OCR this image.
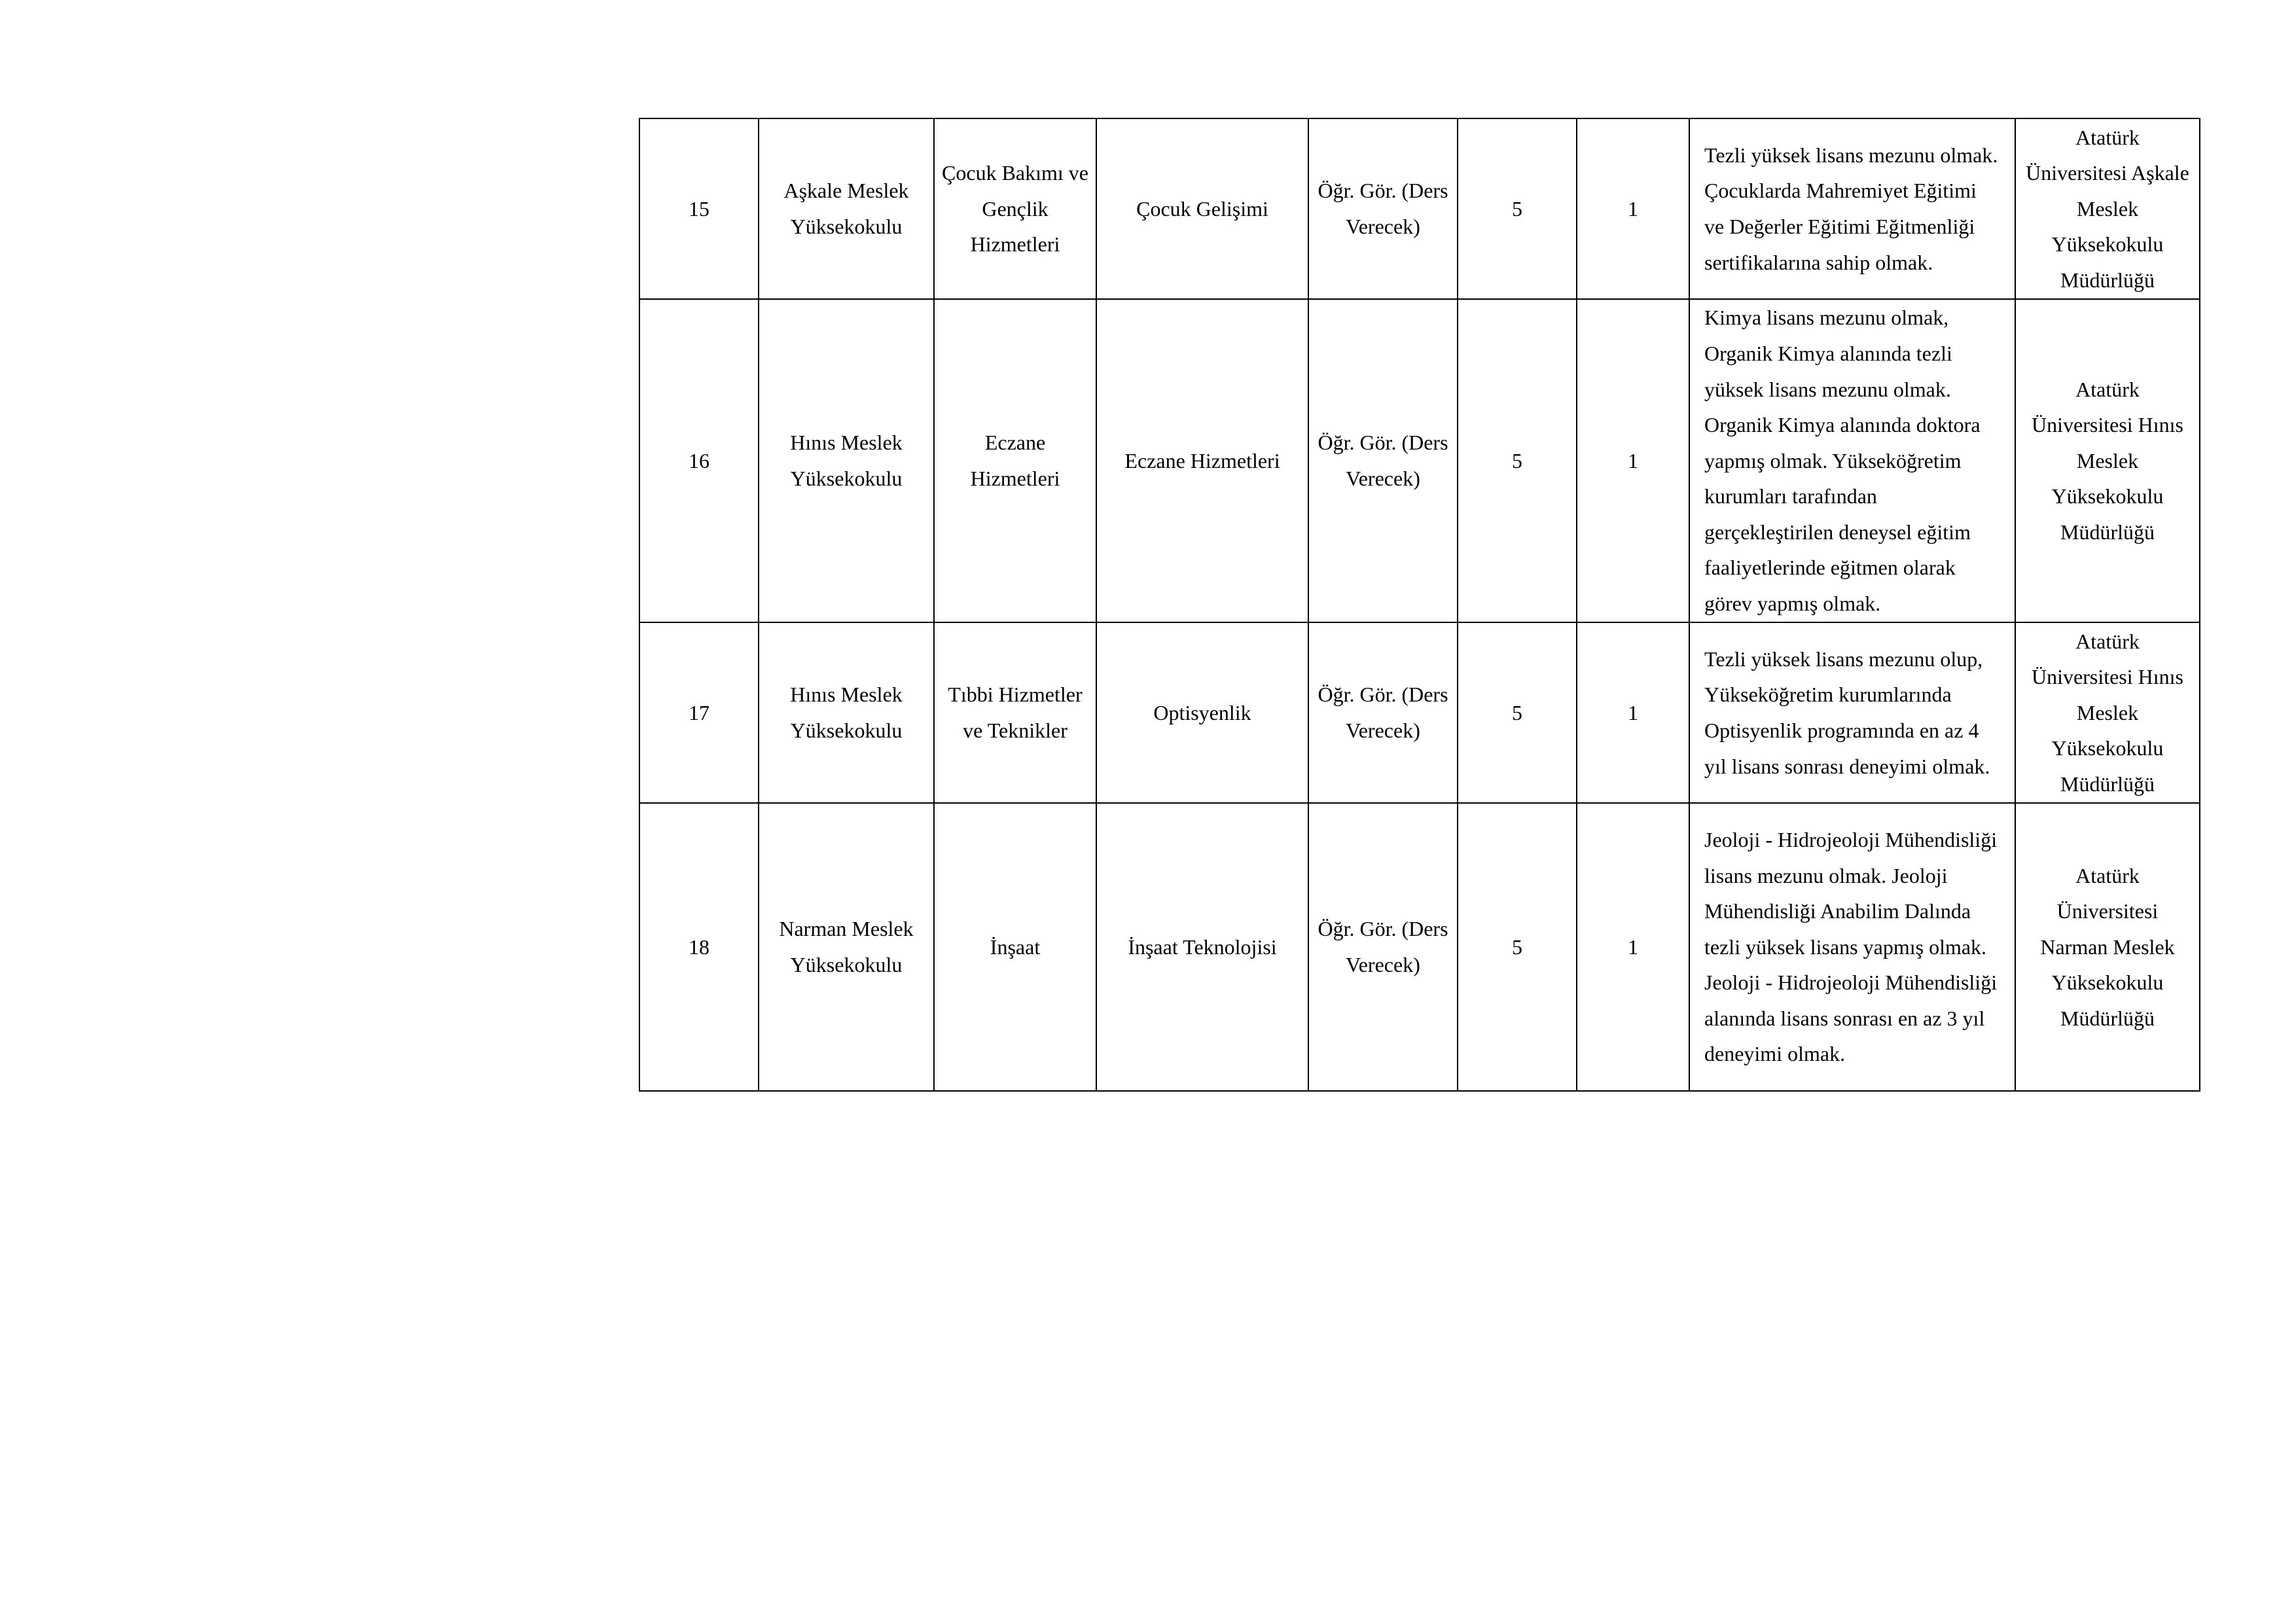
15	Aşkale Meslek Yüksekokulu	Çocuk Bakımı ve Gençlik Hizmetleri	Çocuk Gelişimi	Öğr. Gör. (Ders Verecek)	5	1	Tezli yüksek lisans mezunu olmak. Çocuklarda Mahremiyet Eğitimi ve Değerler Eğitimi Eğitmenliği sertifikalarına sahip olmak.	Atatürk Üniversitesi Aşkale Meslek Yüksekokulu Müdürlüğü
16	Hınıs Meslek Yüksekokulu	Eczane Hizmetleri	Eczane Hizmetleri	Öğr. Gör. (Ders Verecek)	5	1	Kimya lisans mezunu olmak, Organik Kimya alanında tezli yüksek lisans mezunu olmak. Organik Kimya alanında doktora yapmış olmak. Yükseköğretim kurumları tarafından gerçekleştirilen deneysel eğitim faaliyetlerinde eğitmen olarak görev yapmış olmak.	Atatürk Üniversitesi Hınıs Meslek Yüksekokulu Müdürlüğü
17	Hınıs Meslek Yüksekokulu	Tıbbi Hizmetler ve Teknikler	Optisyenlik	Öğr. Gör. (Ders Verecek)	5	1	Tezli yüksek lisans mezunu olup, Yükseköğretim kurumlarında Optisyenlik programında en az 4 yıl lisans sonrası deneyimi olmak.	Atatürk Üniversitesi Hınıs Meslek Yüksekokulu Müdürlüğü
18	Narman Meslek Yüksekokulu	İnşaat	İnşaat Teknolojisi	Öğr. Gör. (Ders Verecek)	5	1	Jeoloji - Hidrojeoloji Mühendisliği lisans mezunu olmak. Jeoloji Mühendisliği Anabilim Dalında tezli yüksek lisans yapmış olmak. Jeoloji - Hidrojeoloji Mühendisliği alanında lisans sonrası en az 3 yıl deneyimi olmak.	Atatürk Üniversitesi Narman Meslek Yüksekokulu Müdürlüğü
